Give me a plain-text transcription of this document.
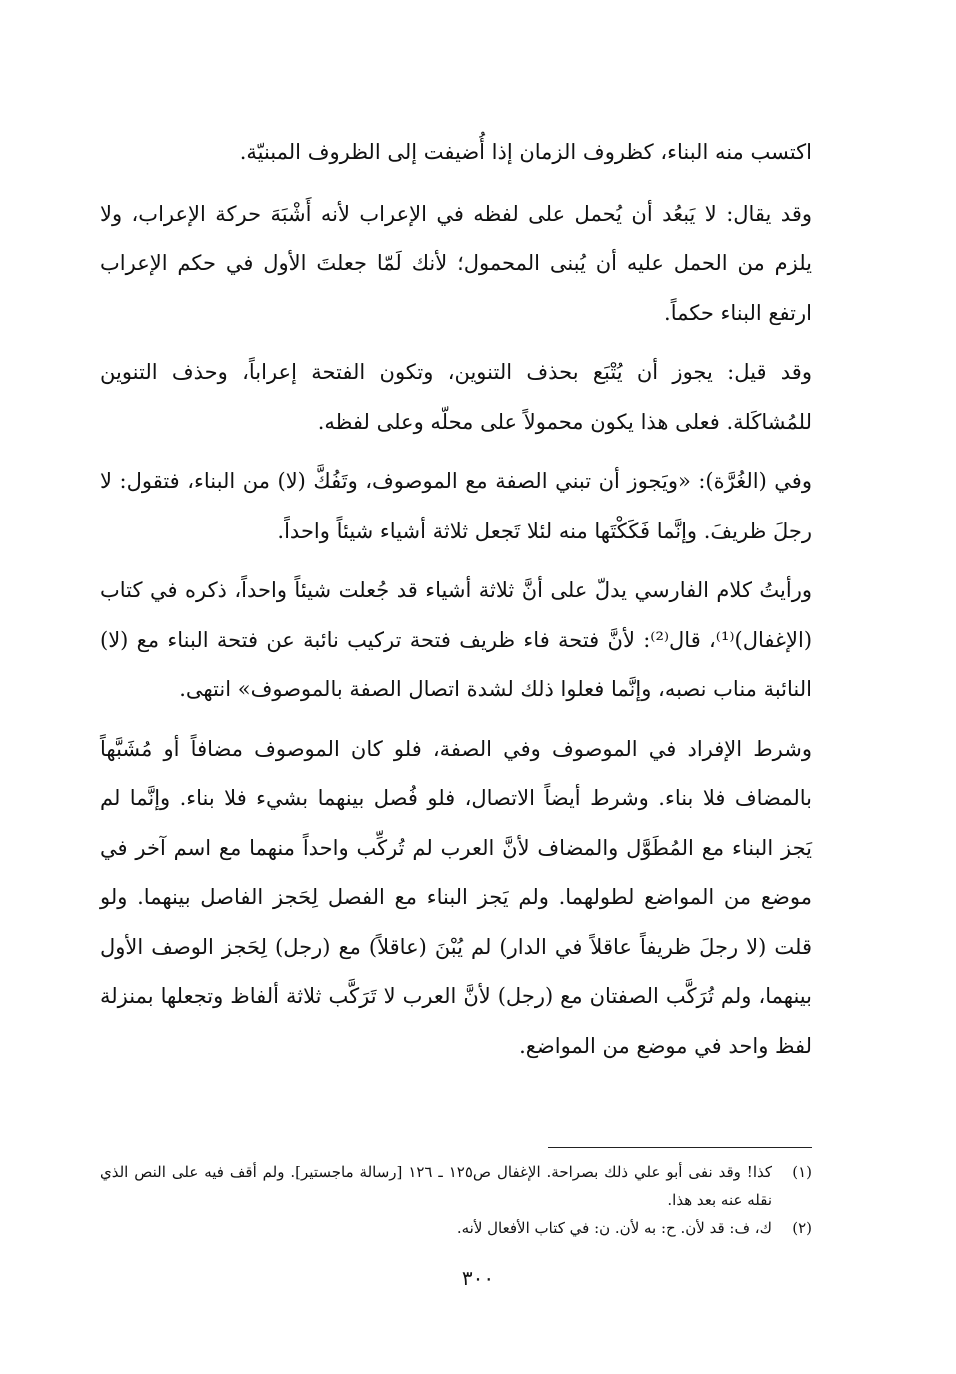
اكتسب منه البناء، كظروف الزمان إذا أُضيفت إلى الظروف المبنيّة.

وقد يقال: لا يَبعُد أن يُحمل على لفظه في الإعراب لأنه أَشْبَهَ حركة الإعراب، ولا يلزم من الحمل عليه أن يُبنى المحمول؛ لأنك لَمّا جعلتَ الأول في حكم الإعراب ارتفع البناء حكماً.

وقد قيل: يجوز أن يُتْبَع بحذف التنوين، وتكون الفتحة إعراباً، وحذف التنوين للمُشاكَلة. فعلى هذا يكون محمولاً على محلّه وعلى لفظه.

وفي (الغُرَّة): «ويَجوز أن تبني الصفة مع الموصوف، وتَفُكَّ (لا) من البناء، فتقول: لا رجلَ ظريفَ. وإنَّما فَكَكْتَها منه لئلا تَجعل ثلاثة أشياء شيئاً واحداً.

ورأيتُ كلام الفارسي يدلّ على أنَّ ثلاثة أشياء قد جُعلت شيئاً واحداً، ذكره في كتاب (الإغفال)⁽¹⁾، قال⁽²⁾: لأنَّ فتحة فاء ظريف فتحة تركيب نائبة عن فتحة البناء مع (لا) النائبة مناب نصبه، وإنَّما فعلوا ذلك لشدة اتصال الصفة بالموصوف» انتهى.

وشرط الإفراد في الموصوف وفي الصفة، فلو كان الموصوف مضافاً أو مُشَبَّهاً بالمضاف فلا بناء. وشرط أيضاً الاتصال، فلو فُصل بينهما بشيء فلا بناء. وإنَّما لم يَجز البناء مع المُطَوَّل والمضاف لأنَّ العرب لم تُركِّب واحداً منهما مع اسم آخر في موضع من المواضع لطولهما. ولم يَجز البناء مع الفصل لِحَجز الفاصل بينهما. ولو قلت (لا رجلَ ظريفاً عاقلاً في الدار) لم يُبْنَ (عاقلاً) مع (رجل) لِحَجز الوصف الأول بينهما، ولم تُرَكَّب الصفتان مع (رجل) لأنَّ العرب لا تَرَكَّب ثلاثة ألفاظ وتجعلها بمنزلة لفظ واحد في موضع من المواضع.

(١)
كذا! وقد نفى أبو علي ذلك بصراحة. الإغفال ص١٢٥ ـ ١٢٦ [رسالة ماجستير]. ولم أقف فيه على النص الذي نقله عنه بعد هذا.

(٢)
ك، ف: قد لأن. ح: به لأن. ن: في كتاب الأفعال لأنه.

٣٠٠
